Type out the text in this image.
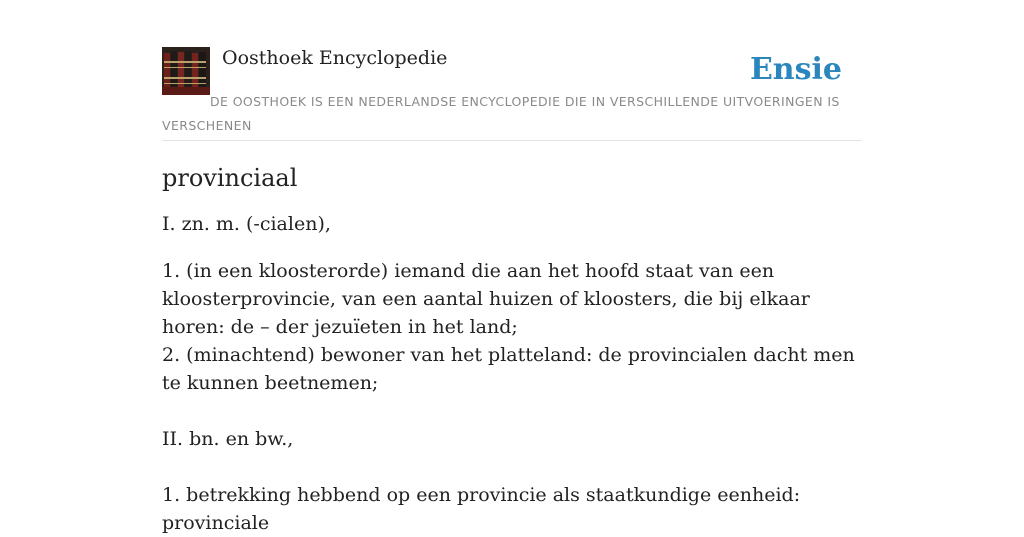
Oosthoek Encyclopedie	Ensie
DE OOSTHOEK IS EEN NEDERLANDSE ENCYCLOPEDIE DIE IN VERSCHILLENDE UITVOERINGEN IS VERSCHENEN
provinciaal

I. zn. m. (-cialen),

1. (in een kloosterorde) iemand die aan het hoofd staat van een kloosterprovincie, van een aantal huizen of kloosters, die bij elkaar horen: de – der jezuïeten in het land;

2. (minachtend) bewoner van het platteland: de provincialen dacht men te kunnen beetnemen;

II. bn. en bw.,

1. betrekking hebbend op een provincie als staatkundige eenheid: provinciale
